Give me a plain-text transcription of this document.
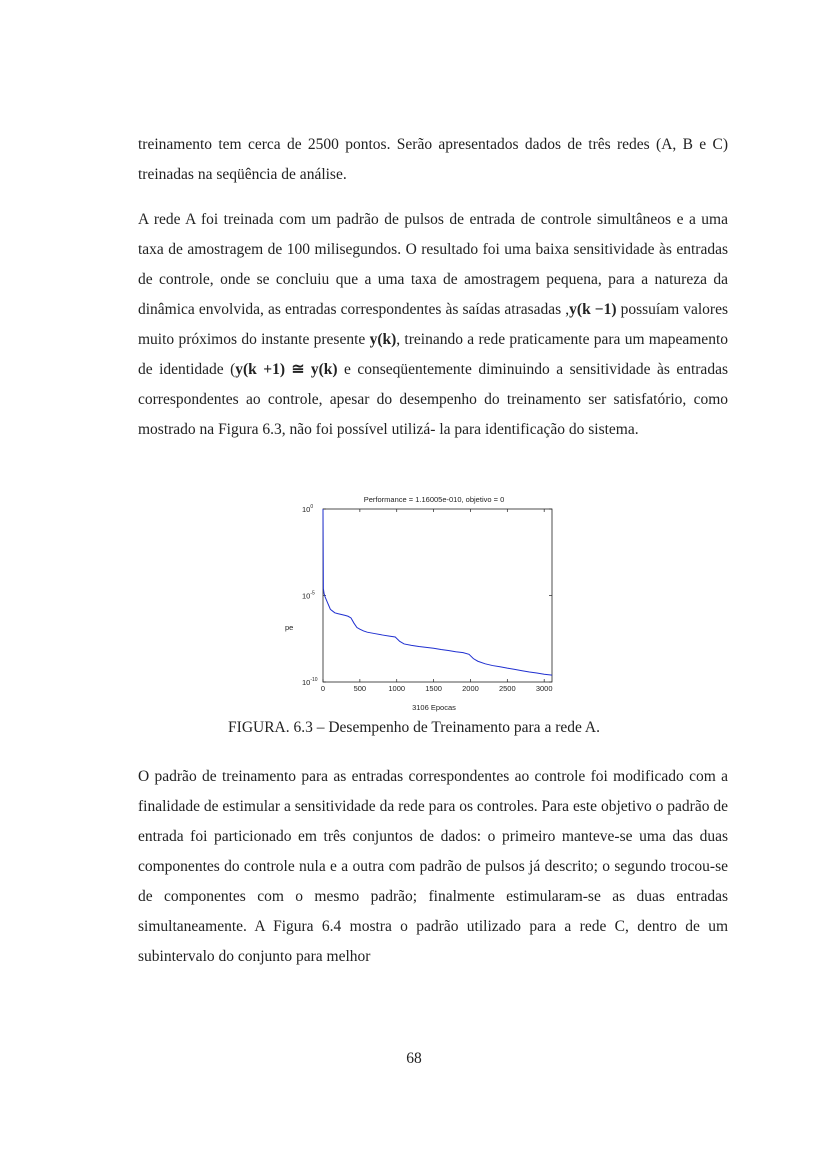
treinamento tem cerca de 2500 pontos. Serão apresentados dados de três redes (A, B e C) treinadas na seqüência de análise.

A rede A foi treinada com um padrão de pulsos de entrada de controle simultâneos e a uma taxa de amostragem de 100 milisegundos. O resultado foi uma baixa sensitividade às entradas de controle, onde se concluiu que a uma taxa de amostragem pequena, para a natureza da dinâmica envolvida, as entradas correspondentes às saídas atrasadas ,y(k −1) possuíam valores muito próximos do instante presente y(k), treinando a rede praticamente para um mapeamento de identidade (y(k +1) ≅ y(k) e conseqüentemente diminuindo a sensitividade às entradas correspondentes ao controle, apesar do desempenho do treinamento ser satisfatório, como mostrado na Figura 6.3, não foi possível utilizá- la para identificação do sistema.

Performance = 1.16005e-010, objetivo = 0
0	500	1000	1500	2000	2500	3000
$10^0$
$10^{-5}$
$10^{-10}$
pe
3106 Epocas

FIGURA. 6.3 – Desempenho de Treinamento para a rede A.

O padrão de treinamento para as entradas correspondentes ao controle foi modificado com a finalidade de estimular a sensitividade da rede para os controles. Para este objetivo o padrão de entrada foi particionado em três conjuntos de dados: o primeiro manteve-se uma das duas componentes do controle nula e a outra com padrão de pulsos já descrito; o segundo trocou-se de componentes com o mesmo padrão; finalmente estimularam-se as duas entradas simultaneamente. A Figura 6.4 mostra o padrão utilizado para a rede C, dentro de um subintervalo do conjunto para melhor

68
